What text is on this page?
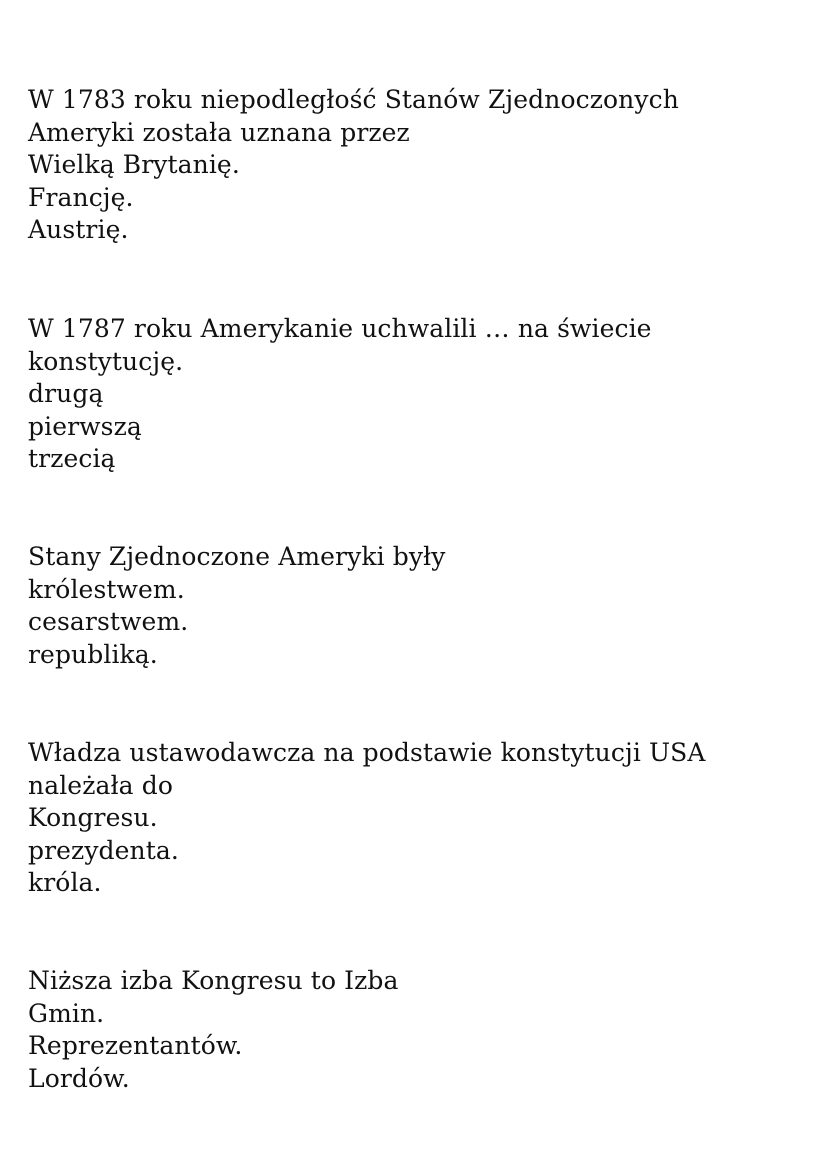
W 1783 roku niepodległość Stanów Zjednoczonych
Ameryki została uznana przez
Wielką Brytanię.
Francję.
Austrię.
W 1787 roku Amerykanie uchwalili … na świecie
konstytucję.
drugą
pierwszą
trzecią
Stany Zjednoczone Ameryki były
królestwem.
cesarstwem.
republiką.
Władza ustawodawcza na podstawie konstytucji USA
należała do
Kongresu.
prezydenta.
króla.
Niższa izba Kongresu to Izba
Gmin.
Reprezentantów.
Lordów.
